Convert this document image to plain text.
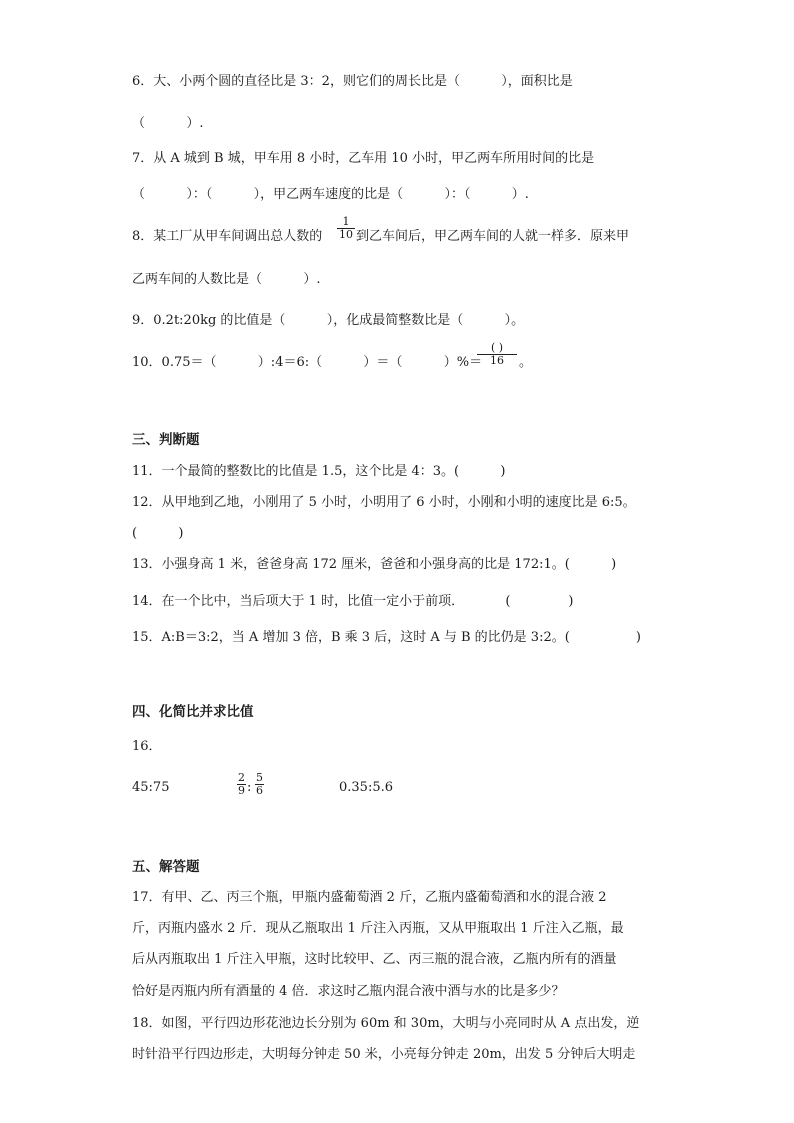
6．大、小两个圆的直径比是 3：2，则它们的周长比是（          ），面积比是
（          ）.
7．从 A 城到 B 城，甲车用 8 小时，乙车用 10 小时，甲乙两车所用时间的比是
（          ）：（          ），甲乙两车速度的比是（          ）：（          ）.
8．某工厂从甲车间调出总人数的
1
10 到乙车间后，甲乙两车间的人就一样多．原来甲
乙两车间的人数比是（          ）.
9．0.2t:20kg 的比值是（          ），化成最简整数比是（          ）。
10．0.75＝（          ）:4＝6:（          ）＝（          ）%＝
( )
16	。
三、判断题
11．一个最简的整数比的比值是 1.5，这个比是 4：3。(          )
12．从甲地到乙地，小刚用了 5 小时，小明用了 6 小时，小刚和小明的速度比是 6:5。
(          )
13．小强身高 1 米，爸爸身高 172 厘米，爸爸和小强身高的比是 172:1。(          )
14．在一个比中，当后项大于 1 时，比值一定小于前项．          (              )
15．A:B＝3:2，当 A 增加 3 倍，B 乘 3 后，这时 A 与 B 的比仍是 3:2。(                )
四、化简比并求比值
16．
45:75
2
9 :
5
6	0.35:5.6
五、解答题
17．有甲、乙、丙三个瓶，甲瓶内盛葡萄酒 2 斤，乙瓶内盛葡萄酒和水的混合液 2
斤，丙瓶内盛水 2 斤．现从乙瓶取出 1 斤注入丙瓶，又从甲瓶取出 1 斤注入乙瓶，最
后从丙瓶取出 1 斤注入甲瓶，这时比较甲、乙、丙三瓶的混合液，乙瓶内所有的酒量
恰好是丙瓶内所有酒量的 4 倍．求这时乙瓶内混合液中酒与水的比是多少？
18．如图，平行四边形花池边长分别为 60m 和 30m，大明与小亮同时从 A 点出发，逆
时针沿平行四边形走，大明每分钟走 50 米，小亮每分钟走 20m，出发 5 分钟后大明走
